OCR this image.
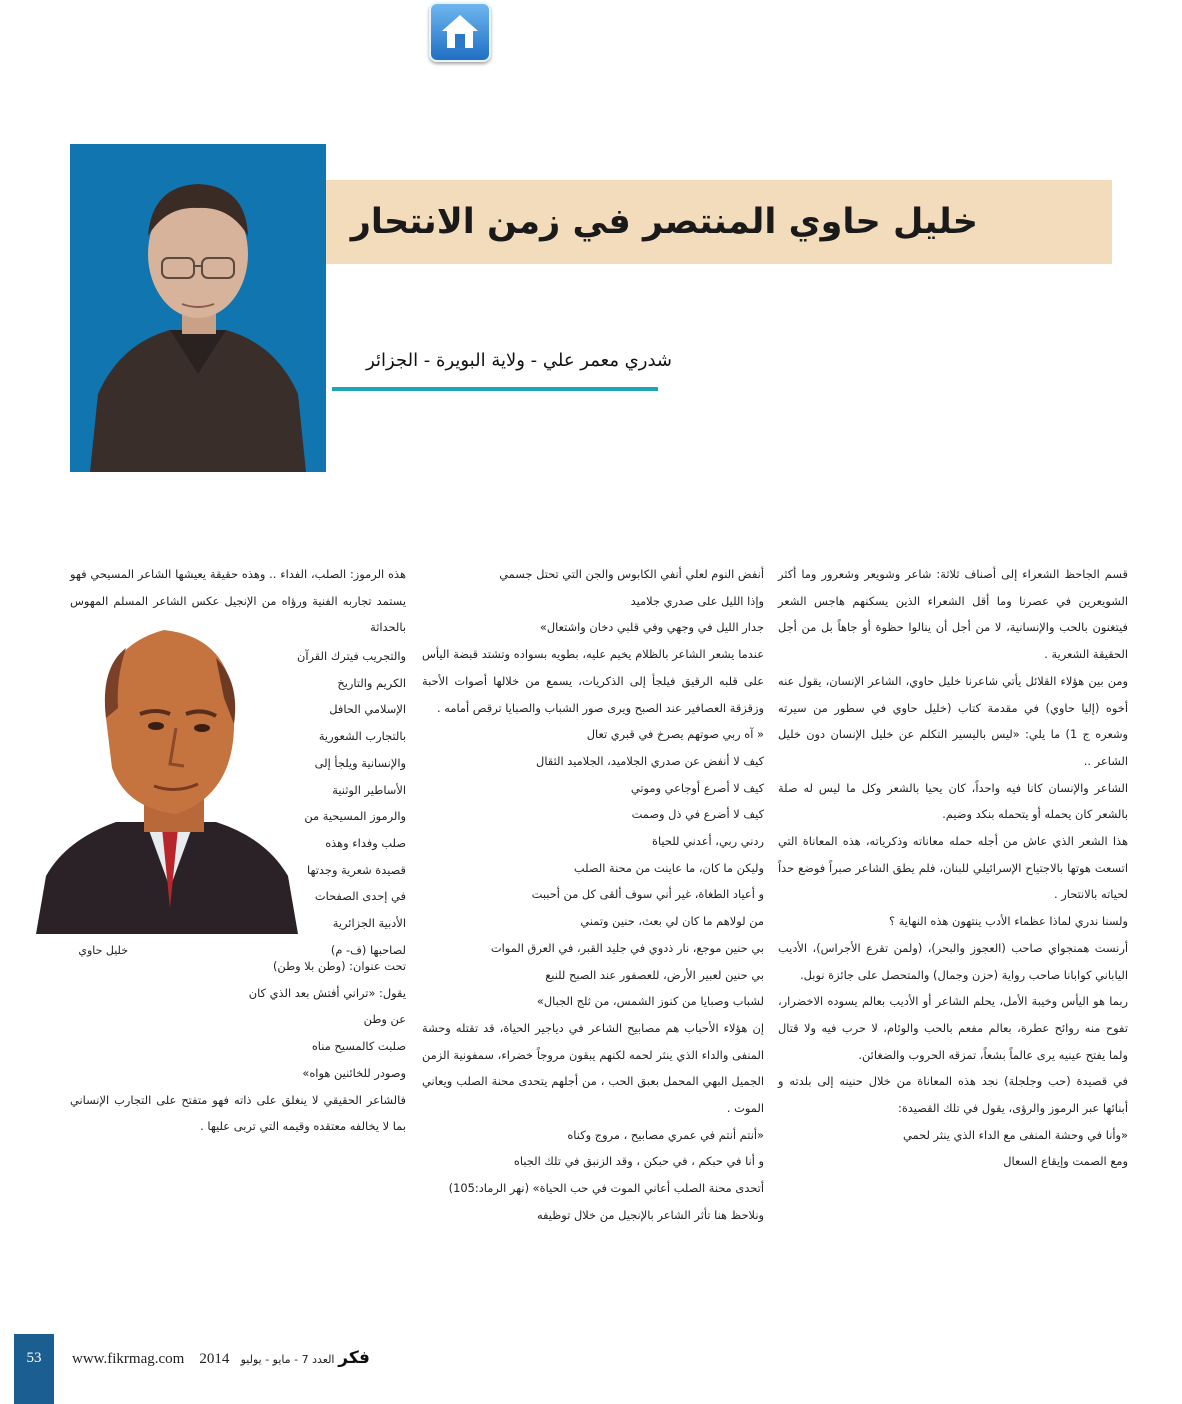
خليل حاوي المنتصر في زمن الانتحار
شدري معمر علي - ولاية البويرة - الجزائر

قسم الجاحظ الشعراء إلى أصناف ثلاثة: شاعر وشويعر وشعرور وما أكثر الشويعرين في عصرنا وما أقل الشعراء الذين يسكنهم هاجس الشعر فيتغنون بالحب والإنسانية، لا من أجل أن ينالوا حظوة أو جاهاً بل من أجل الحقيقة الشعرية .

ومن بين هؤلاء القلائل يأتي شاعرنا خليل حاوي، الشاعر الإنسان، يقول عنه أخوه (إليا حاوي) في مقدمة كتاب (خليل حاوي في سطور من سيرته وشعره ج 1) ما يلي: «ليس باليسير التكلم عن خليل الإنسان دون خليل الشاعر ..

الشاعر والإنسان كانا فيه واحداً، كان يحيا بالشعر وكل ما ليس له صلة بالشعر كان يحمله أو يتحمله بنكد وضيم.

هذا الشعر الذي عاش من أجله حمله معاناته وذكرياته، هذه المعاناة التي اتسعت هوتها بالاجتياح الإسرائيلي للبنان، فلم يطق الشاعر صبراً فوضع حداً لحياته بالانتحار .

ولسنا ندري لماذا عظماء الأدب ينتهون هذه النهاية ؟

أرنست همنجواي صاحب (العجوز والبحر)، (ولمن تقرع الأجراس)، الأديب الياباني كوابانا صاحب رواية (حزن وجمال) والمتحصل على جائزة نوبل.

ربما هو اليأس وخيبة الأمل، يحلم الشاعر أو الأديب بعالم يسوده الاخضرار، تفوح منه روائح عطرة، بعالم مفعم بالحب والوئام، لا حرب فيه ولا قتال ولما يفتح عينيه يرى عالماً بشعاً، تمزقه الحروب والضغائن.

في قصيدة (حب وجلجلة) نجد هذه المعاناة من خلال حنينه إلى بلدته و أبنائها عبر الرموز والرؤى، يقول في تلك القصيدة:

«وأنا في وحشة المنفى مع الداء الذي ينثر لحمي

ومع الصمت وإيقاع السعال

أنفض النوم لعلي أنفي الكابوس والجن التي تحتل جسمي

وإذا الليل على صدري جلاميد

جدار الليل في وجهي وفي قلبي دخان واشتعال»

عندما يشعر الشاعر بالظلام يخيم عليه، بطويه بسواده وتشتد قبضة اليأس على قلبه الرقيق فيلجأ إلى الذكريات، يسمع من خلالها أصوات الأحبة وزقزقة العصافير عند الصبح ويرى صور الشباب والصبايا ترقص أمامه .

« آه ربي صوتهم يصرخ في قبري تعال

كيف لا أنفض عن صدري الجلاميد، الجلاميد الثقال

كيف لا أصرع أوجاعي وموتي

كيف لا أضرع في ذل وصمت

ردني ربي، أعدني للحياة

وليكن ما كان، ما عاينت من محنة الصلب

و أعياد الطغاة، غير أني سوف ألقى كل من أحببت

من لولاهم ما كان لي بعث، حنين وتمني

بي حنين موجع، نار ذدوي في جليد القبر، في العرق الموات

بي حنين لعبير الأرض، للعصفور عند الصبح للنبع

لشباب وصبايا من كنوز الشمس، من ثلج الجبال»

إن هؤلاء الأحباب هم مصابيح الشاعر في دياجير الحياة، قد تقتله وحشة المنفى والداء الذي ينثر لحمه لكنهم يبقون مروجاً خضراء، سمفونية الزمن الجميل البهي المحمل بعبق الحب ، من أجلهم يتحدى محنة الصلب ويعاني الموت .

«أنتم أنتم في عمري مصابيح ، مروج وكناه

و أنا في حبكم ، في حبكن ، وقد الزنبق في تلك الجباه

أتحدى محنة الصلب أعاني الموت في حب الحياة» (نهر الرماد:105)

ونلاحظ هنا تأثر الشاعر بالإنجيل من خلال توظيفه

هذه الرموز: الصلب، الفداء .. وهذه حقيقة يعيشها الشاعر المسيحي فهو يستمد تجاربه الفنية ورؤاه من الإنجيل عكس الشاعر المسلم المهوس بالحداثة

والتجريب فيترك القرآن الكريم والتاريخ الإسلامي الحافل بالتجارب الشعورية والإنسانية ويلجأ إلى الأساطير الوثنية والرموز المسيحية من صلب وفداء وهذه قصيدة شعرية وجدتها في إحدى الصفحات الأدبية الجزائرية لصاحبها (ف- م)

تحت عنوان: (وطن بلا وطن)

يقول: «تراني أفتش بعد الذي كان

عن وطن

صلبت كالمسيح مناه

وصودر للخائنين هواه»

فالشاعر الحقيقي لا ينغلق على ذاته فهو متفتح على التجارب الإنساني بما لا يخالفه معتقده وقيمه التي تربى عليها .

خليل حاوي
53	www.fikrmag.com 2014 العدد 7 - مايو - يوليو فكر
